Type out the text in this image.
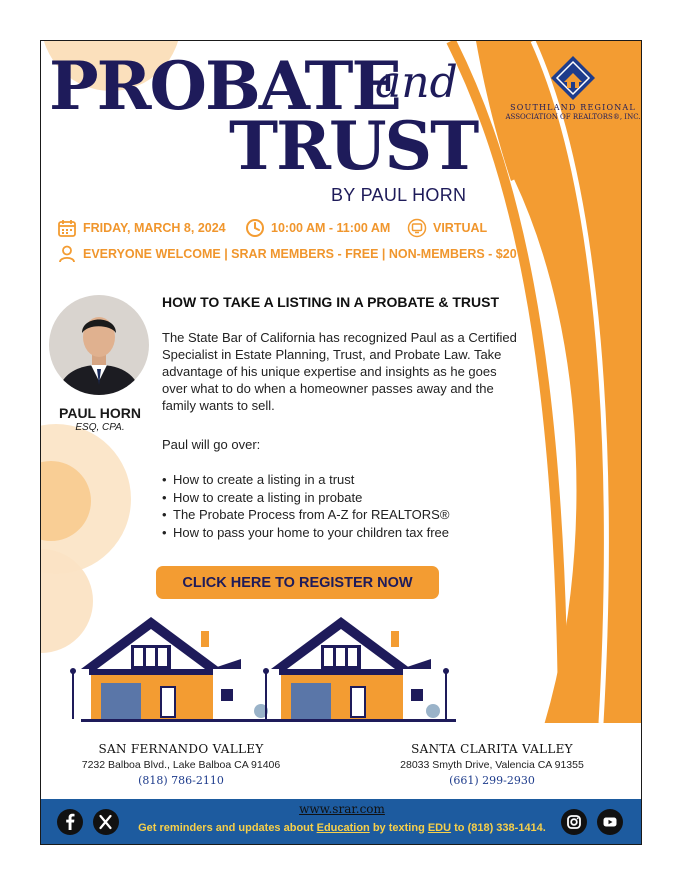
PROBATE
and
TRUST
BY PAUL HORN
SOUTHLAND REGIONAL
ASSOCIATION OF REALTORS®, INC.
FRIDAY, MARCH 8, 2024	10:00 AM - 11:00 AM	VIRTUAL
EVERYONE WELCOME | SRAR MEMBERS - FREE | NON-MEMBERS - $20
PAUL HORN
ESQ, CPA.
HOW TO TAKE A LISTING IN A PROBATE & TRUST
The State Bar of California has recognized Paul as a Certified
Specialist in Estate Planning, Trust, and Probate Law. Take
advantage of his unique expertise and insights as he goes
over what to do when a homeowner passes away and the
family wants to sell.
Paul will go over:
• How to create a listing in a trust
• How to create a listing in probate
• The Probate Process from A-Z for REALTORS®
• How to pass your home to your children tax free
CLICK HERE TO REGISTER NOW
SAN FERNANDO VALLEY
7232 Balboa Blvd., Lake Balboa CA 91406
(818) 786-2110
SANTA CLARITA VALLEY
28033 Smyth Drive, Valencia CA 91355
(661) 299-2930
www.srar.com
Get reminders and updates about Education by texting EDU to (818) 338-1414.
